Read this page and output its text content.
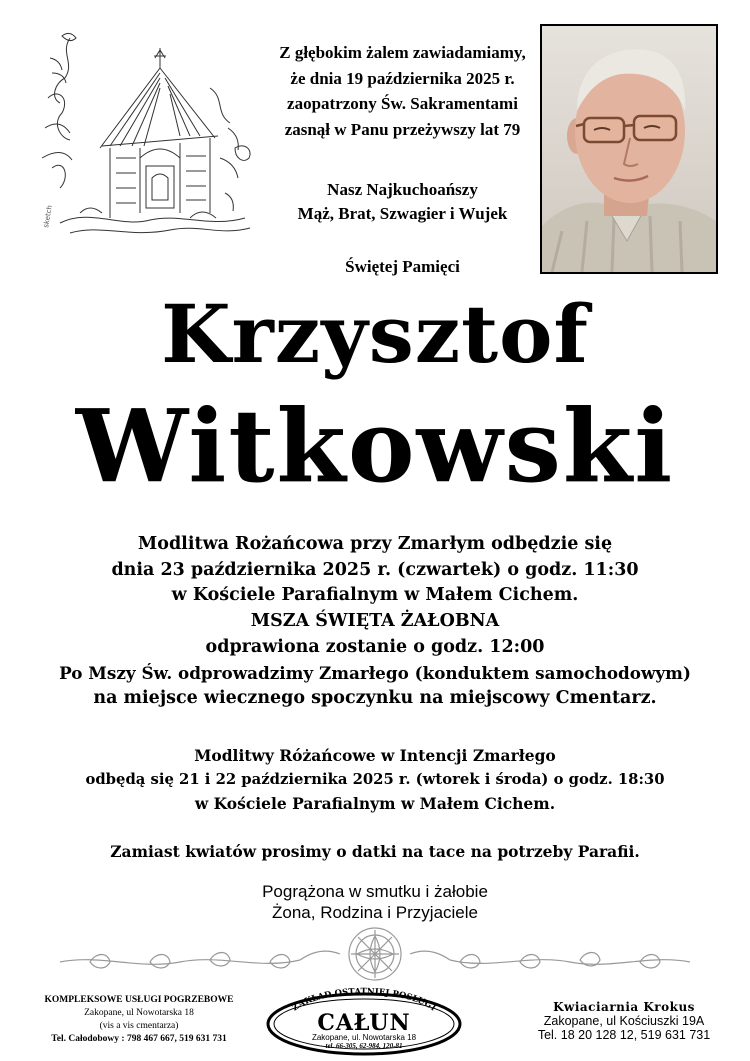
sketch
Z głębokim żalem zawiadamiamy,
że dnia 19 października 2025 r.
zaopatrzony Św. Sakramentami
zasnął w Panu przeżywszy lat 79
Nasz Najkuchoańszy
Mąż, Brat, Szwagier i Wujek
Świętej Pamięci
Krzysztof
Witkowski
Modlitwa Rożańcowa przy Zmarłym odbędzie się
dnia 23 października 2025 r. (czwartek) o godz. 11:30
w Kościele Parafialnym w Małem Cichem.
MSZA ŚWIĘTA ŻAŁOBNA
odprawiona zostanie o godz. 12:00
Po Mszy Św. odprowadzimy Zmarłego (konduktem samochodowym)
na miejsce wiecznego spoczynku na miejscowy Cmentarz.
Modlitwy Różańcowe w Intencji Zmarłego
odbędą się 21 i 22 października 2025 r. (wtorek i środa) o godz. 18:30
w Kościele Parafialnym w Małem Cichem.
Zamiast kwiatów prosimy o datki na tace na potrzeby Parafii.
Pogrążona w smutku i żałobie
Żona, Rodzina i Przyjaciele
KOMPLEKSOWE USŁUGI POGRZEBOWE
Zakopane, ul Nowotarska 18
(vis a vis cmentarza)
Tel. Całodobowy : 798 467 667, 519 631 731
ZAKŁAD OSTATNIEJ POSŁUGI
CAŁUN
Zakopane, ul. Nowotarska 18
tel. 66-305, 62-984, 120-81
Kwiaciarnia Krokus
Zakopane, ul Kościuszki 19A
Tel. 18 20 128 12, 519 631 731
